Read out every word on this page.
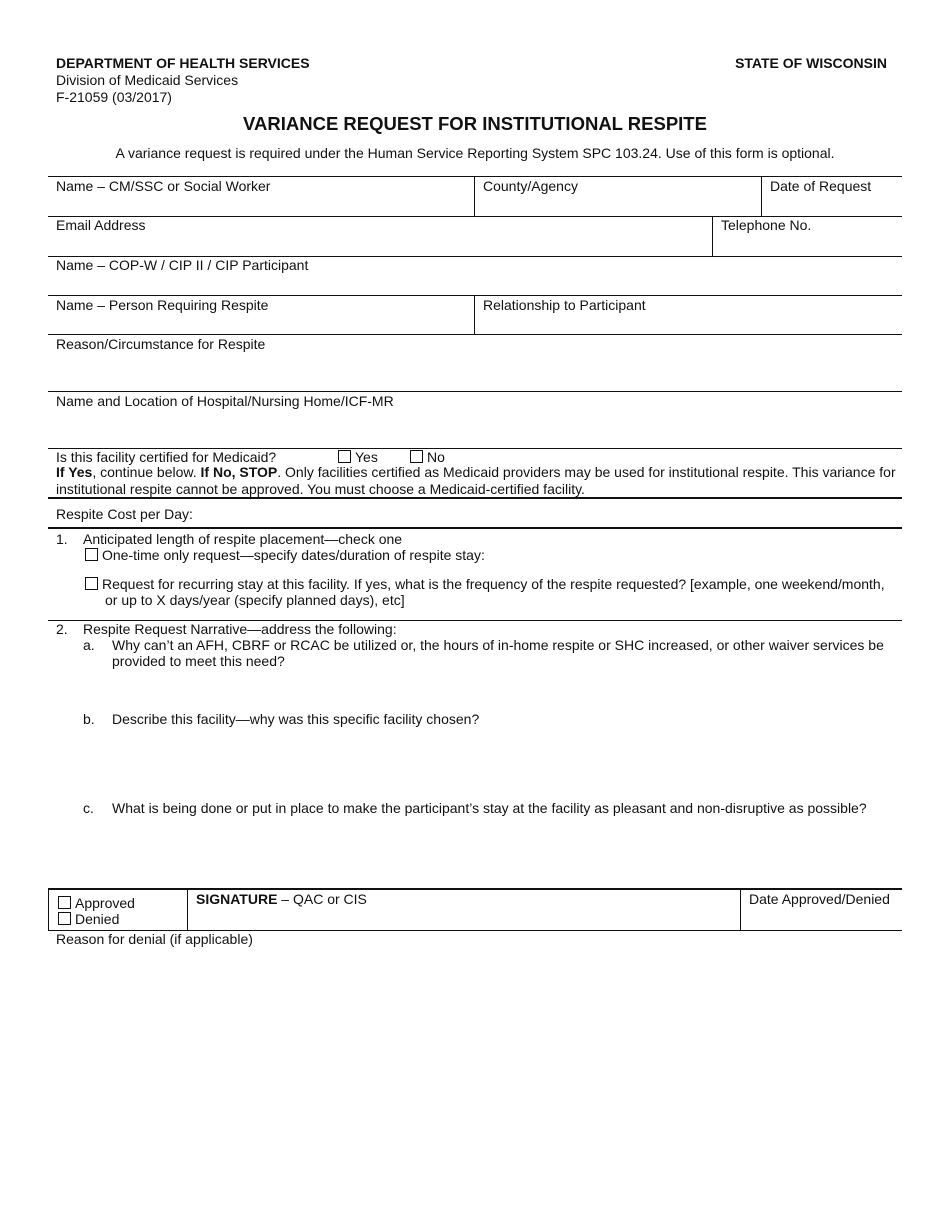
DEPARTMENT OF HEALTH SERVICES
Division of Medicaid Services
F-21059 (03/2017)
STATE OF WISCONSIN
VARIANCE REQUEST FOR INSTITUTIONAL RESPITE
A variance request is required under the Human Service Reporting System SPC 103.24. Use of this form is optional.
Name – CM/SSC or Social Worker	County/Agency	Date of Request
Email Address	Telephone No.
Name – COP-W / CIP II / CIP Participant
Name – Person Requiring Respite	Relationship to Participant
Reason/Circumstance for Respite
Name and Location of Hospital/Nursing Home/ICF-MR
Is this facility certified for Medicaid?	Yes	No
If Yes, continue below. If No, STOP. Only facilities certified as Medicaid providers may be used for institutional respite. This variance for institutional respite cannot be approved. You must choose a Medicaid-certified facility.
Respite Cost per Day:
1. Anticipated length of respite placement—check one
One-time only request—specify dates/duration of respite stay:
Request for recurring stay at this facility. If yes, what is the frequency of the respite requested? [example, one weekend/month,
or up to X days/year (specify planned days), etc]
2. Respite Request Narrative—address the following:
a. Why can’t an AFH, CBRF or RCAC be utilized or, the hours of in-home respite or SHC increased, or other waiver services be provided to meet this need?
b. Describe this facility—why was this specific facility chosen?
c. What is being done or put in place to make the participant’s stay at the facility as pleasant and non-disruptive as possible?
Approved
Denied
SIGNATURE – QAC or CIS	Date Approved/Denied
Reason for denial (if applicable)
